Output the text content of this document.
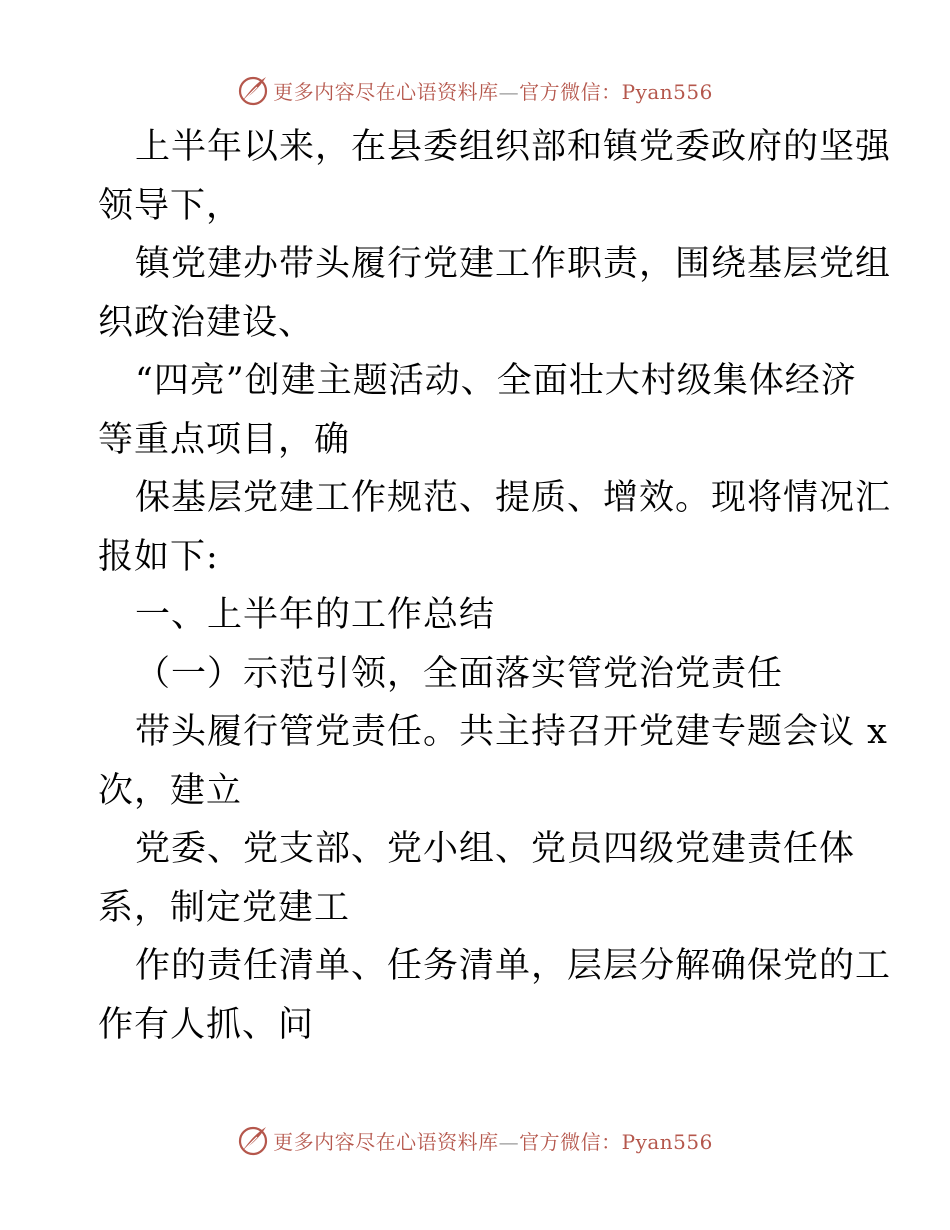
更多内容尽在心语资料库—官方微信：Pyan556
上半年以来，在县委组织部和镇党委政府的坚强
领导下，
镇党建办带头履行党建工作职责，围绕基层党组
织政治建设、
“四亮”创建主题活动、全面壮大村级集体经济
等重点项目，确
保基层党建工作规范、提质、增效。现将情况汇
报如下:
一、上半年的工作总结
（一）示范引领，全面落实管党治党责任
带头履行管党责任。共主持召开党建专题会议 x
次，建立
党委、党支部、党小组、党员四级党建责任体
系，制定党建工
作的责任清单、任务清单，层层分解确保党的工
作有人抓、问
更多内容尽在心语资料库—官方微信：Pyan556
